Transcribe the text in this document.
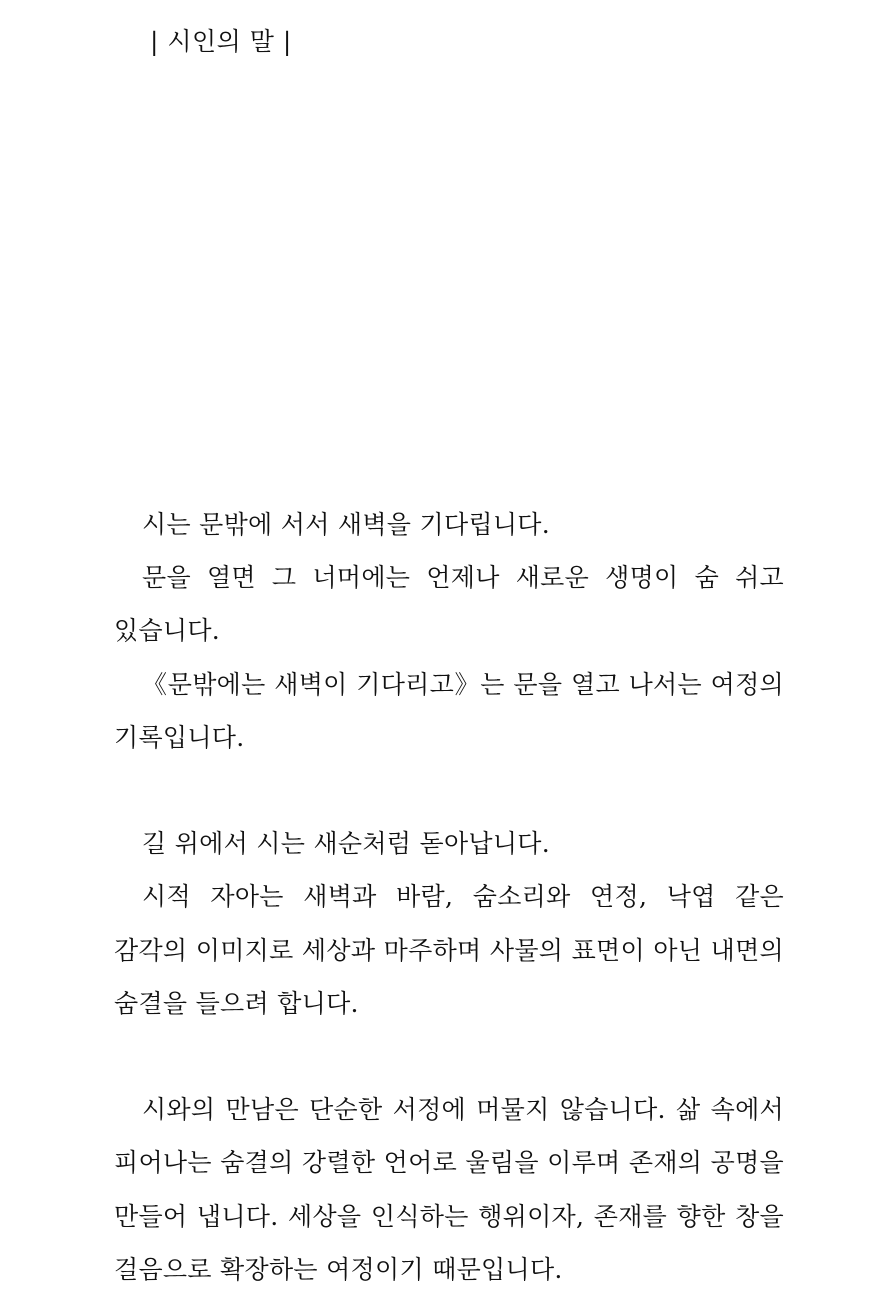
| 시인의 말 |

시는 문밖에 서서 새벽을 기다립니다.

문을 열면 그 너머에는 언제나 새로운 생명이 숨 쉬고 있습니다.

《문밖에는 새벽이 기다리고》는 문을 열고 나서는 여정의 기록입니다.

길 위에서 시는 새순처럼 돋아납니다.

시적 자아는 새벽과 바람, 숨소리와 연정, 낙엽 같은 감각의 이미지로 세상과 마주하며 사물의 표면이 아닌 내면의 숨결을 들으려 합니다.

시와의 만남은 단순한 서정에 머물지 않습니다. 삶 속에서 피어나는 숨결의 강렬한 언어로 울림을 이루며 존재의 공명을 만들어 냅니다. 세상을 인식하는 행위이자, 존재를 향한 창을 걸음으로 확장하는 여정이기 때문입니다.
